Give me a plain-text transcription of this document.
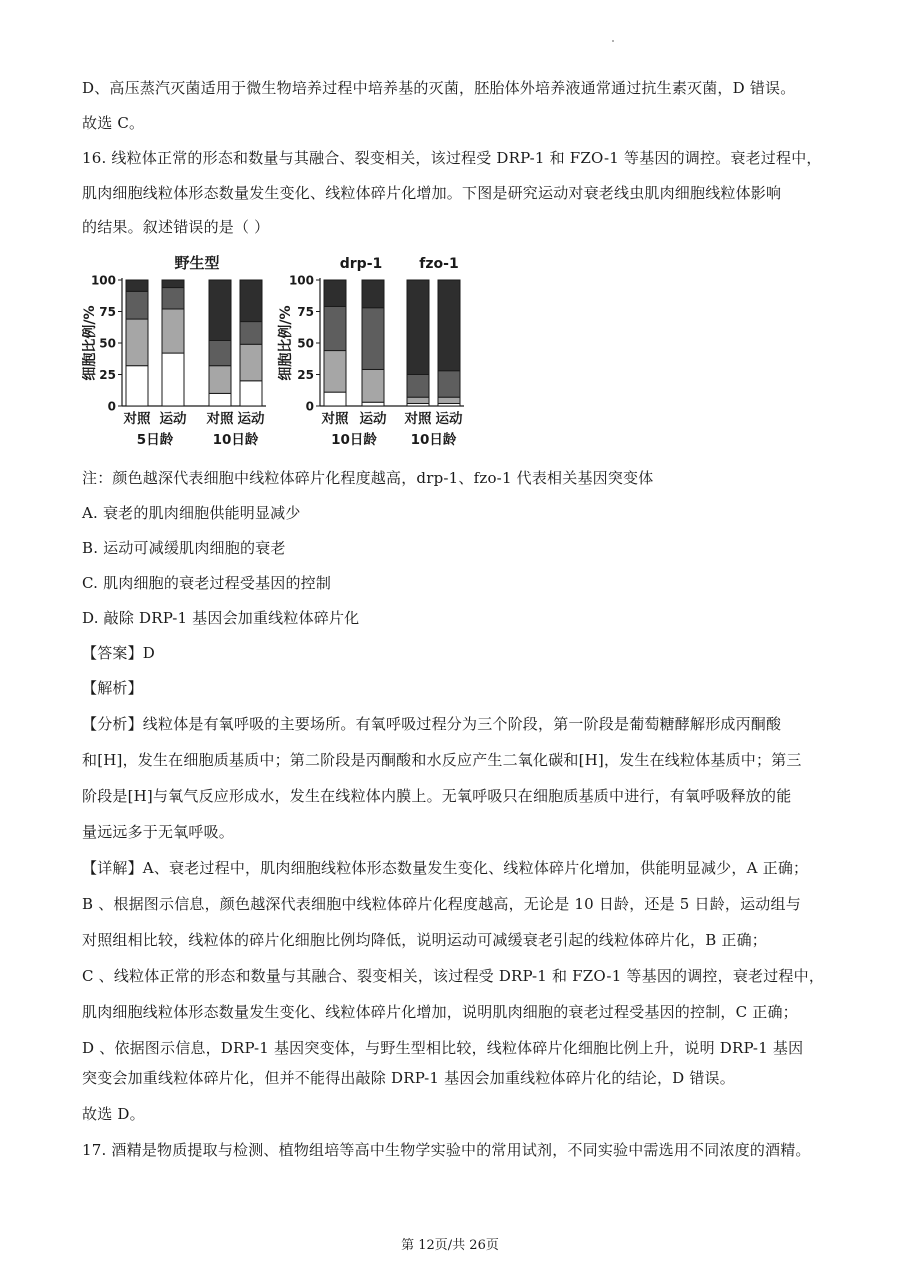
D、高压蒸汽灭菌适用于微生物培养过程中培养基的灭菌，胚胎体外培养液通常通过抗生素灭菌，D 错误。
故选 C。
16. 线粒体正常的形态和数量与其融合、裂变相关，该过程受 DRP-1 和 FZO-1 等基因的调控。衰老过程中，
肌肉细胞线粒体形态数量发生变化、线粒体碎片化增加。下图是研究运动对衰老线虫肌肉细胞线粒体影响
的结果。叙述错误的是（ ）
细胞比例/%
0
25
50
75
100
对照 运动 对照 运动
5日龄	10日龄
野生型
细胞比例/%
0
25
50
75
100
对照 运动 对照 运动
10日龄 10日龄
drp-1	fzo-1
注：颜色越深代表细胞中线粒体碎片化程度越高，drp-1、fzo-1 代表相关基因突变体
A. 衰老的肌肉细胞供能明显减少
B. 运动可减缓肌肉细胞的衰老
C. 肌肉细胞的衰老过程受基因的控制
D. 敲除 DRP-1 基因会加重线粒体碎片化
【答案】D
【解析】
【分析】线粒体是有氧呼吸的主要场所。有氧呼吸过程分为三个阶段，第一阶段是葡萄糖酵解形成丙酮酸
和[H]，发生在细胞质基质中；第二阶段是丙酮酸和水反应产生二氧化碳和[H]，发生在线粒体基质中；第三
阶段是[H]与氧气反应形成水，发生在线粒体内膜上。无氧呼吸只在细胞质基质中进行，有氧呼吸释放的能
量远远多于无氧呼吸。
【详解】A、衰老过程中，肌肉细胞线粒体形态数量发生变化、线粒体碎片化增加，供能明显减少，A 正确；
B 、根据图示信息，颜色越深代表细胞中线粒体碎片化程度越高，无论是 10 日龄，还是 5 日龄，运动组与
对照组相比较，线粒体的碎片化细胞比例均降低，说明运动可减缓衰老引起的线粒体碎片化，B 正确；
C 、线粒体正常的形态和数量与其融合、裂变相关，该过程受 DRP-1 和 FZO-1 等基因的调控，衰老过程中，
肌肉细胞线粒体形态数量发生变化、线粒体碎片化增加，说明肌肉细胞的衰老过程受基因的控制，C 正确；
D 、依据图示信息，DRP-1 基因突变体，与野生型相比较，线粒体碎片化细胞比例上升，说明 DRP-1 基因
突变会加重线粒体碎片化，但并不能得出敲除 DRP-1 基因会加重线粒体碎片化的结论，D 错误。
故选 D。
17. 酒精是物质提取与检测、植物组培等高中生物学实验中的常用试剂，不同实验中需选用不同浓度的酒精。
第 12页/共 26页
